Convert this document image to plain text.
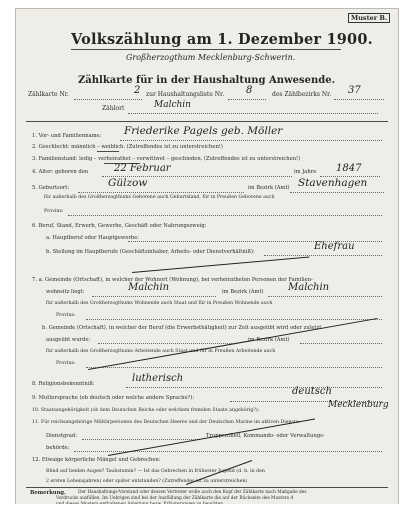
Muster B.
Volkszählung am 1. Dezember 1900.
Großherzogthum Mecklenburg-Schwerin.
Zählkarte für in der Haushaltung Anwesende.
Zählkarte Nr.	2 zur Haushaltungsliste Nr. 8	des Zählbezirks Nr. 37
Zählort	Malchin
1. Vor- und Familienname: Friederike Pagels geb. Möller
2. Geschlecht: männlich – weiblich. (Zutreffendes ist zu unterstreichen!)
3. Familienstand: ledig – verheirathet – verwittwet – geschieden. (Zutreffendes ist zu unterstreichen!)
4. Alter: geboren den	22 Februar	im Jahre 1847
5. Geburtsort:	Gülzow	im Bezirk (Amt) Stavenhagen
für außerhalb des Großherzogthums Geborene auch Geburtsland, für in Preußen Geborene auch
Provinz:
6. Beruf, Stand, Erwerb, Gewerbe, Geschäft oder Nahrungszweig:
a. Hauptberuf oder Hauptgewerbe:
b. Stellung im Hauptberufe (Geschäftsinhaber, Arbeits- oder Dienstverhältniß):	Ehefrau
7. a. Gemeinde (Ortschaft), in welcher der Wohnort (Wohnung), bei verheiratheten Personen der Familien-
wohnsitz liegt:	Malchin	im Bezirk (Amt) Malchin
für außerhalb des Großherzogthums Wohnende auch Staat und für in Preußen Wohnende auch
Provinz:
b. Gemeinde (Ortschaft), in welcher der Beruf (die Erwerbsthätigkeit) zur Zeit ausgeübt wird oder zuletzt
ausgeübt wurde:	im Bezirk (Amt)
für außerhalb des Großherzogthums Arbeitende auch Staat und für in Preußen Arbeitende auch
Provinz:
8. Religionsbekenntniß:	lutherisch
9. Muttersprache (ob deutsch oder welche andere Sprache?):
deutsch
10. Staatsangehörigkeit (ob dem Deutschen Reiche oder welchem fremden Staate angehörig?):
Mecklenburg
11. Für reichsangehörige Militärpersonen des Deutschen Heeres und der Deutschen Marine im aktiven Dienste:
Dienstgrad:	Truppentheil, Kommando- oder Verwaltungs-
behörde:
12. Etwaige körperliche Mängel und Gebrechen:
Blind auf beiden Augen? Taubstumm? — Ist das Gebrechen in frühester Jugend (d. h. in den
2 ersten Lebensjahren) oder später entstanden? (Zutreffendes ist zu unterstreichen)
Bemerkung.	Der Haushaltungs-Vorstand oder dessen Vertreter wolle auch den Kopf der Zählkarte nach Maßgabe des
Vordrucks ausfüllen. Im Uebrigen sind bei der Ausfüllung der Zählkarte die auf der Rückseite des Musters A
und dieses Musters enthaltenen Anleitung bezw. Erläuterungen zu beachten.
